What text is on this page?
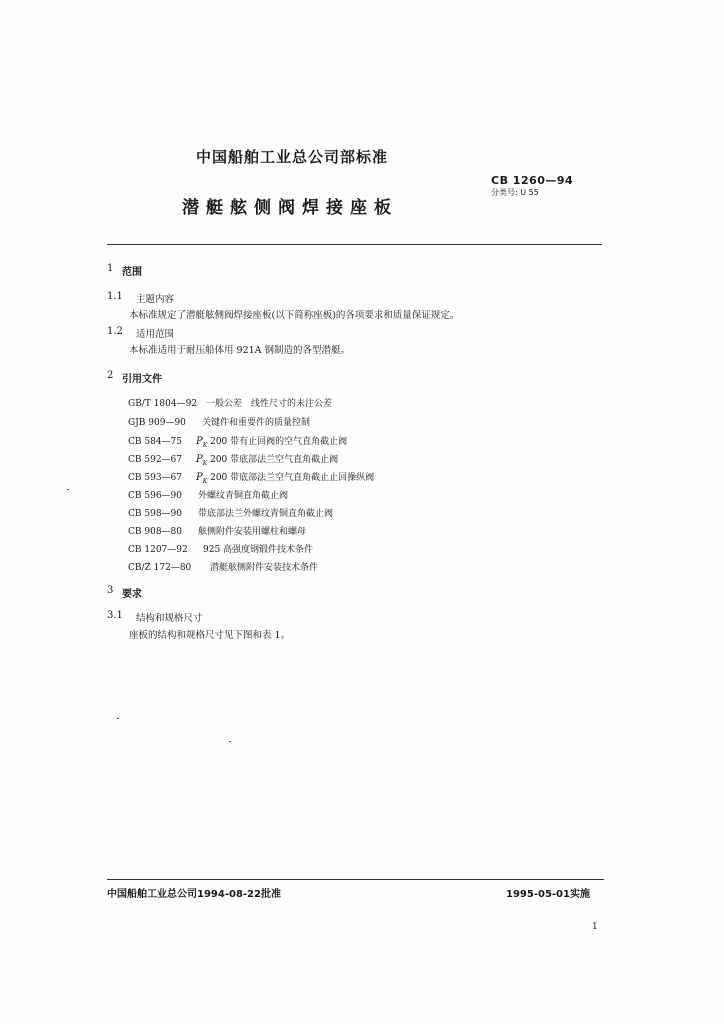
中国船舶工业总公司部标准
CB 1260—94
分类号: U 55
潜艇舷侧阀焊接座板
1 范围
1.1 主题内容
本标准规定了潜艇舷侧阀焊接座板(以下简称座板)的各项要求和质量保证规定。
1.2 适用范围
本标准适用于耐压船体用 921A 钢制造的各型潜艇。
2 引用文件
GB/T 1804—92 一般公差　线性尺寸的未注公差
GJB 909—90 关键件和重要件的质量控制
CB 584—75 $P_K$ 200 带有止回阀的空气直角截止阀
CB 592—67 $P_K$ 200 带底部法兰空气直角截止阀
CB 593—67 $P_K$ 200 带底部法兰空气直角截止止回操纵阀
CB 596—90 外螺纹青铜直角截止阀
CB 598—90 带底部法兰外螺纹青铜直角截止阀
CB 908—80 舷侧附件安装用螺柱和螺母
CB 1207—92 925 高强度钢锻件技术条件
CB/Z 172—80 潜艇舷侧附件安装技术条件
3 要求
3.1 结构和规格尺寸
座板的结构和规格尺寸见下图和表 1。
中国船舶工业总公司1994-08-22批准	1995-05-01实施
1
